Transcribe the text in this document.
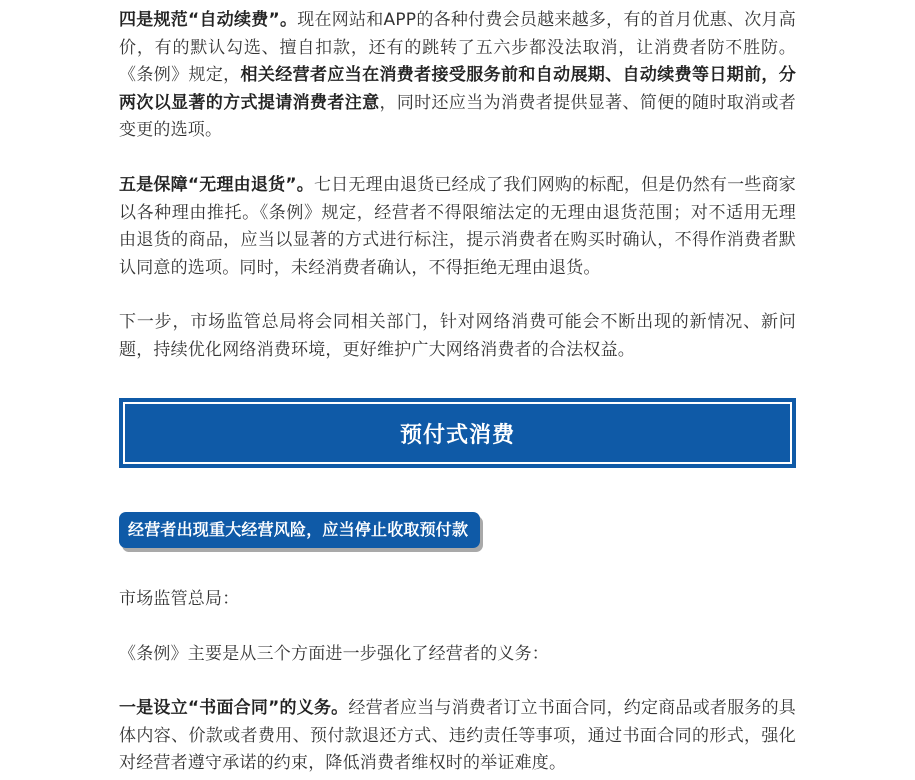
四是规范“自动续费”。现在网站和APP的各种付费会员越来越多，有的首月优惠、次月高价，有的默认勾选、擅自扣款，还有的跳转了五六步都没法取消，让消费者防不胜防。《条例》规定，相关经营者应当在消费者接受服务前和自动展期、自动续费等日期前，分两次以显著的方式提请消费者注意，同时还应当为消费者提供显著、简便的随时取消或者变更的选项。

五是保障“无理由退货”。七日无理由退货已经成了我们网购的标配，但是仍然有一些商家以各种理由推托。《条例》规定，经营者不得限缩法定的无理由退货范围；对不适用无理由退货的商品，应当以显著的方式进行标注，提示消费者在购买时确认，不得作消费者默认同意的选项。同时，未经消费者确认，不得拒绝无理由退货。

下一步，市场监管总局将会同相关部门，针对网络消费可能会不断出现的新情况、新问题，持续优化网络消费环境，更好维护广大网络消费者的合法权益。

预付式消费
经营者出现重大经营风险，应当停止收取预付款

市场监管总局：

《条例》主要是从三个方面进一步强化了经营者的义务：

一是设立“书面合同”的义务。经营者应当与消费者订立书面合同，约定商品或者服务的具体内容、价款或者费用、预付款退还方式、违约责任等事项，通过书面合同的形式，强化对经营者遵守承诺的约束，降低消费者维权时的举证难度。
